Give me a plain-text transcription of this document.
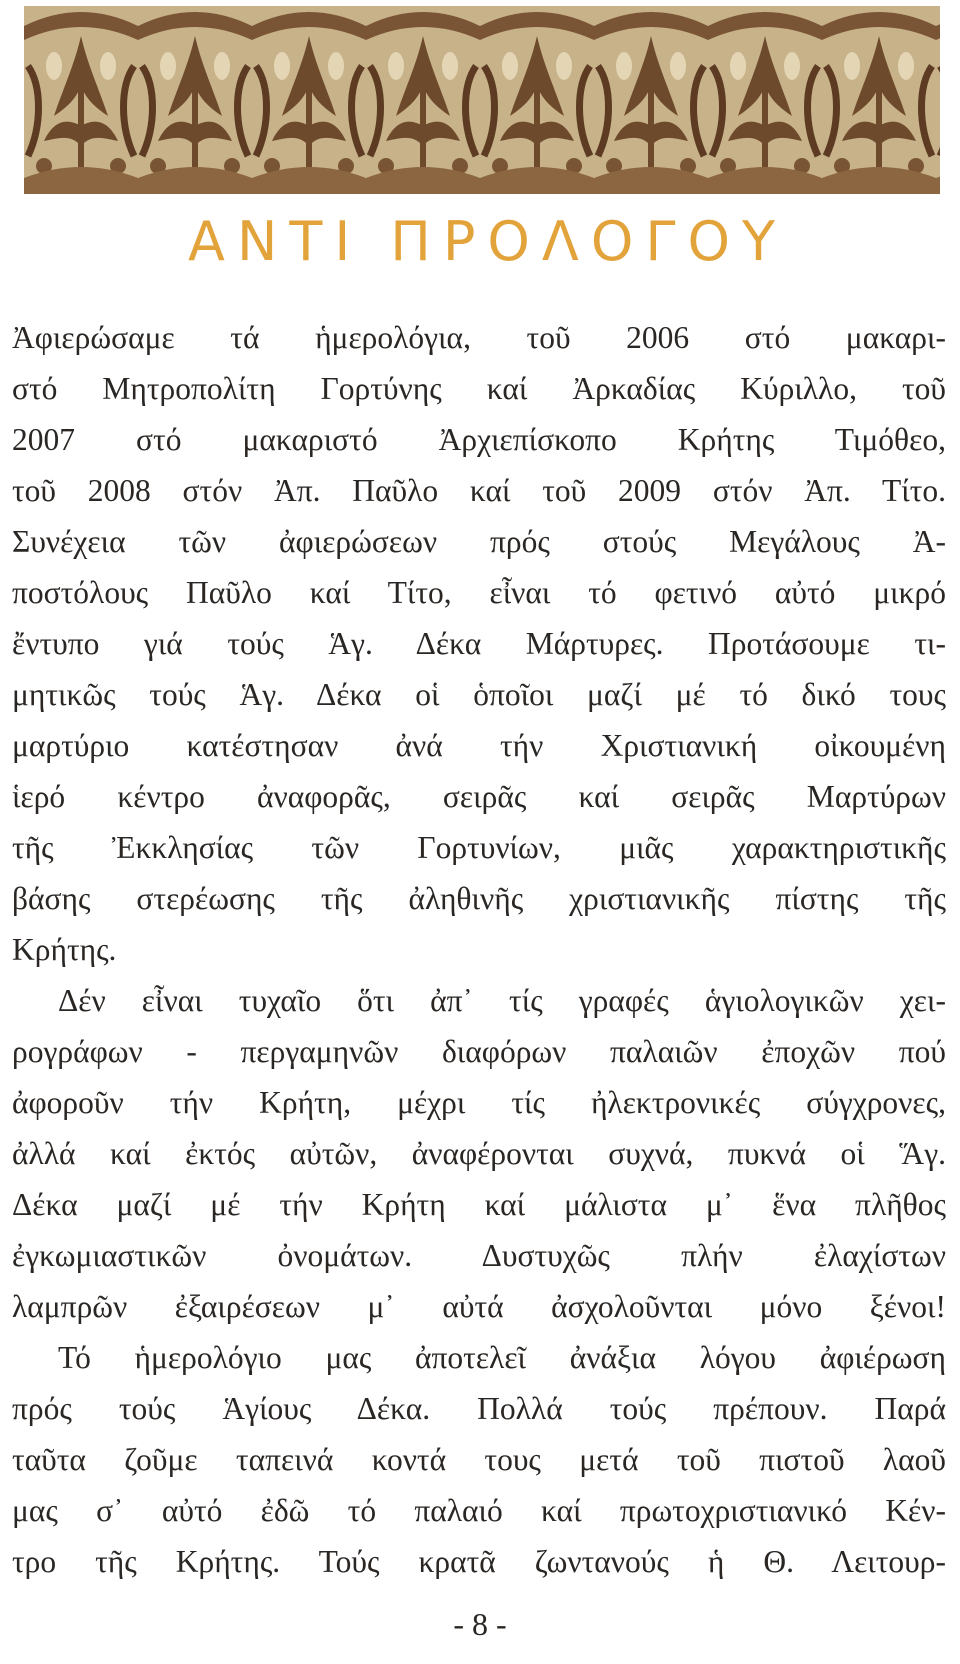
ΑΝΤΙ ΠΡΟΛΟΓΟΥ
Ἀφιερώσαμε τά ἡμερολόγια, τοῦ 2006 στό μακαρι-
στό Μητροπολίτη Γορτύνης καί Ἀρκαδίας Κύριλλο, τοῦ
2007 στό μακαριστό Ἀρχιεπίσκοπο Κρήτης Τιμόθεο,
τοῦ 2008 στόν Ἀπ. Παῦλο καί τοῦ 2009 στόν Ἀπ. Τίτο.
Συνέχεια τῶν ἀφιερώσεων πρός στούς Μεγάλους Ἀ-
ποστόλους Παῦλο καί Τίτο, εἶναι τό φετινό αὐτό μικρό
ἔντυπο γιά τούς Ἁγ. Δέκα Μάρτυρες. Προτάσουμε τι-
μητικῶς τούς Ἁγ. Δέκα οἱ ὁποῖοι μαζί μέ τό δικό τους
μαρτύριο κατέστησαν ἀνά τήν Χριστιανική οἰκουμένη
ἱερό κέντρο ἀναφορᾶς, σειρᾶς καί σειρᾶς Μαρτύρων
τῆς Ἐκκλησίας τῶν Γορτυνίων, μιᾶς χαρακτηριστικῆς
βάσης στερέωσης τῆς ἀληθινῆς χριστιανικῆς πίστης τῆς
Κρήτης.
Δέν εἶναι τυχαῖο ὅτι ἀπ᾽ τίς γραφές ἁγιολογικῶν χει-
ρογράφων - περγαμηνῶν διαφόρων παλαιῶν ἐποχῶν πού
ἀφοροῦν τήν Κρήτη, μέχρι τίς ἠλεκτρονικές σύγχρονες,
ἀλλά καί ἐκτός αὐτῶν, ἀναφέρονται συχνά, πυκνά οἱ Ἅγ.
Δέκα μαζί μέ τήν Κρήτη καί μάλιστα μ᾽ ἕνα πλῆθος
ἐγκωμιαστικῶν ὀνομάτων. Δυστυχῶς πλήν ἐλαχίστων
λαμπρῶν ἐξαιρέσεων μ᾽ αὐτά ἀσχολοῦνται μόνο ξένοι!
Τό ἡμερολόγιο μας ἀποτελεῖ ἀνάξια λόγου ἀφιέρωση
πρός τούς Ἁγίους Δέκα. Πολλά τούς πρέπουν. Παρά
ταῦτα ζοῦμε ταπεινά κοντά τους μετά τοῦ πιστοῦ λαοῦ
μας σ᾽ αὐτό ἐδῶ τό παλαιό καί πρωτοχριστιανικό Κέν-
τρο τῆς Κρήτης. Τούς κρατᾶ ζωντανούς ἡ Θ. Λειτουρ-
- 8 -
